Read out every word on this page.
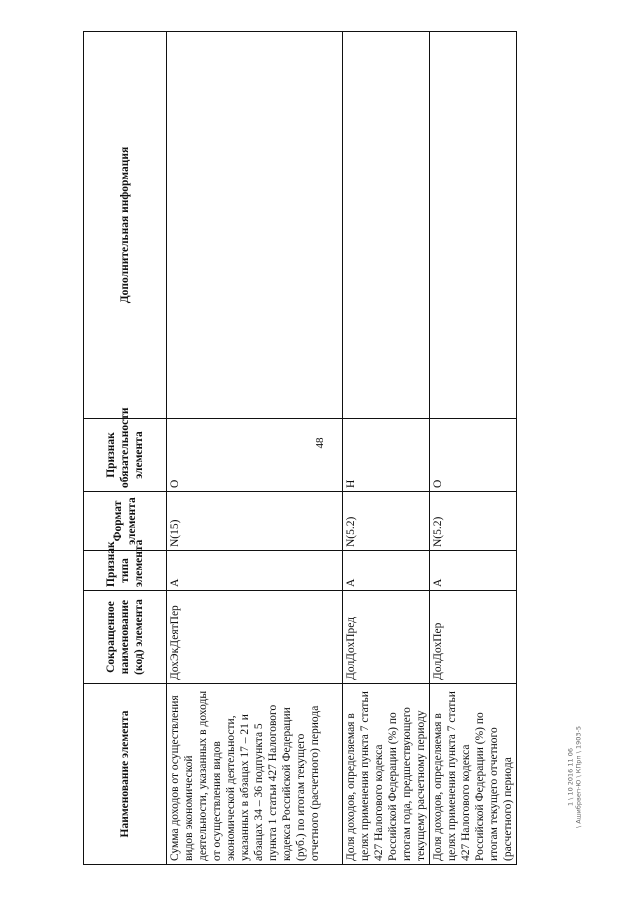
48
Наименование элемента	Сокращенное наименование (код) элемента	Признак типа элемента	Формат элемента	Признак обязательности элемента	Дополнительная информация
Сумма доходов от осуществления видов экономической деятельности, указанных в доходы от осуществления видов экономической деятельности, указанных в абзацах 17 – 21 и абзацах 34 – 36 подпункта 5 пункта 1 статьи 427 Налогового кодекса Российской Федерации (руб.) по итогам текущего отчетного (расчетного) периода	ДохЭкДеятПер	А	N(15)	О	
Доля доходов, определяемая в целях применения пункта 7 статьи 427 Налогового кодекса Российской Федерации (%) по итогам года, предшествующего текущему расчетному периоду	ДолДохПред	А	N(5.2)	Н	
Доля доходов, определяемая в целях применения пункта 7 статьи 427 Налогового кодекса Российской Федерации (%) по итогам текущего отчетного (расчетного) периода	ДолДохПер	А	N(5.2)	О	
1 \ 10 2016 11 06 \ Ашибрвеп-Ю \ КПрп \ 1903-5
